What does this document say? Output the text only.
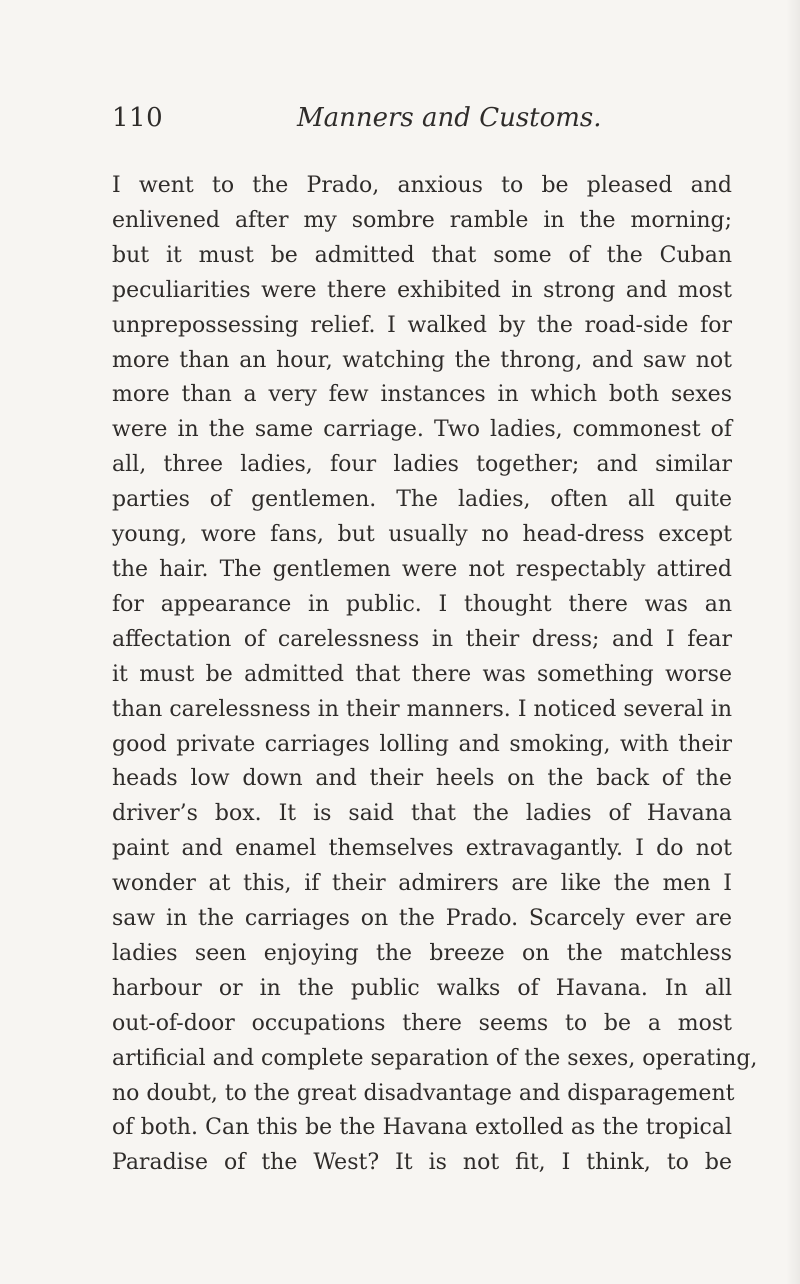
110	Manners and Customs.

I went to the Prado, anxious to be pleased and
enlivened after my sombre ramble in the morning;
but it must be admitted that some of the Cuban
peculiarities were there exhibited in strong and most
unprepossessing relief. I walked by the road-side for
more than an hour, watching the throng, and saw not
more than a very few instances in which both sexes
were in the same carriage. Two ladies, commonest of
all, three ladies, four ladies together; and similar
parties of gentlemen. The ladies, often all quite
young, wore fans, but usually no head-dress except
the hair. The gentlemen were not respectably attired
for appearance in public. I thought there was an
affectation of carelessness in their dress; and I fear
it must be admitted that there was something worse
than carelessness in their manners. I noticed several in
good private carriages lolling and smoking, with their
heads low down and their heels on the back of the
driver’s box. It is said that the ladies of Havana
paint and enamel themselves extravagantly. I do not
wonder at this, if their admirers are like the men I
saw in the carriages on the Prado. Scarcely ever are
ladies seen enjoying the breeze on the matchless
harbour or in the public walks of Havana. In all
out-of-door occupations there seems to be a most
artificial and complete separation of the sexes, operating,
no doubt, to the great disadvantage and disparagement
of both. Can this be the Havana extolled as the tropical
Paradise of the West? It is not fit, I think, to be
